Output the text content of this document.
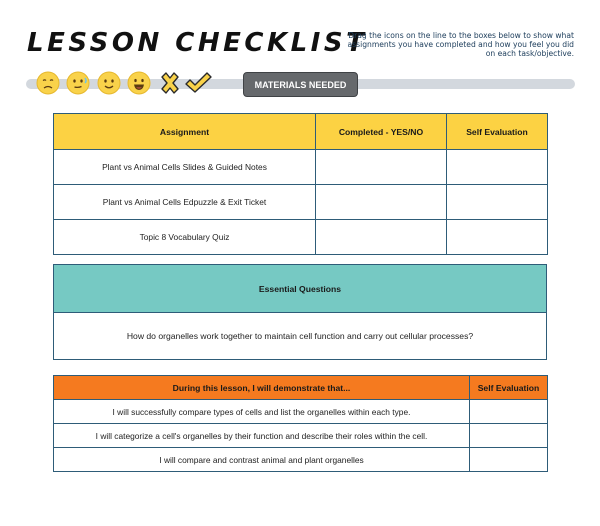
LESSON CHECKLIST
Drag the icons on the line to the boxes below to show what assignments you have completed and how you feel you did on each task/objective.
MATERIALS NEEDED
Assignment	Completed - YES/NO	Self Evaluation
Plant vs Animal Cells Slides & Guided Notes		
Plant vs Animal Cells Edpuzzle & Exit Ticket		
Topic 8 Vocabulary Quiz		
Essential Questions
How do organelles work together to maintain cell function and carry out cellular processes?
During this lesson, I will demonstrate that...	Self Evaluation
I will successfully compare types of cells and list the organelles within each type.	
I will categorize a cell's organelles by their function and describe their roles within the cell.	
I will compare and contrast animal and plant organelles	
